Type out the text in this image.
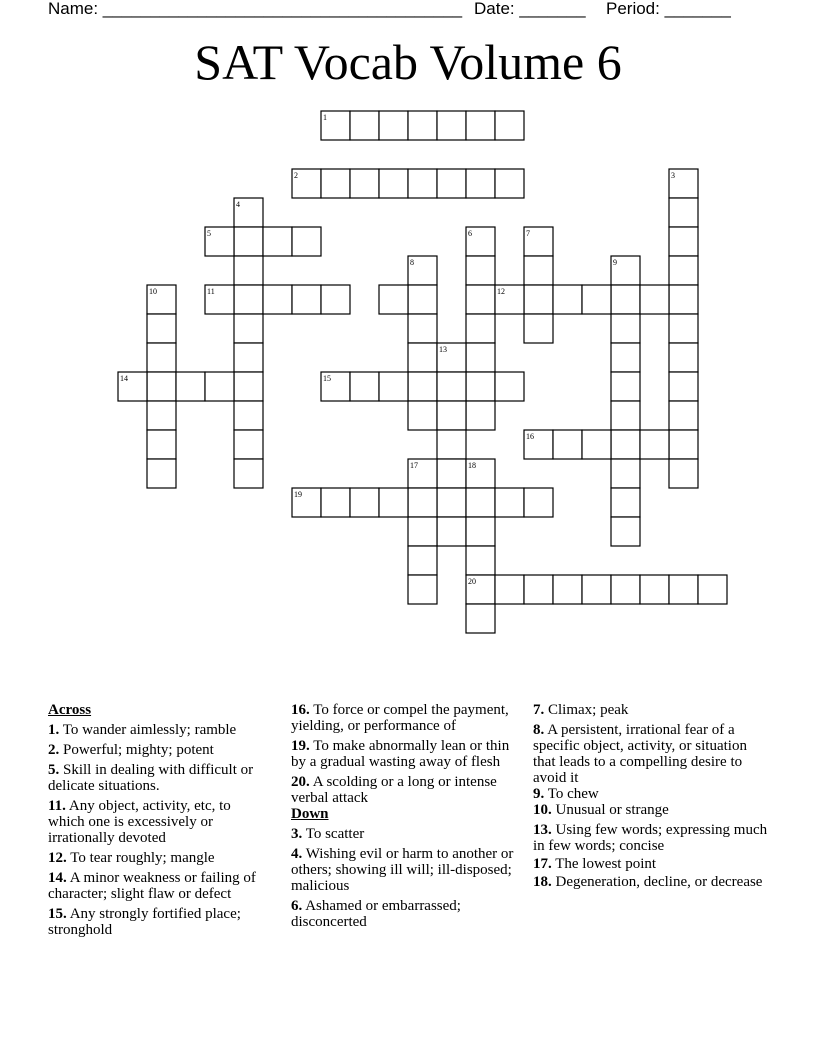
Name: ______________________________________

Date: _______

Period: _______

SAT Vocab Volume 6
1
2	3
4
5	6	7
8	9
10	11	12
13
14	15
16
17	18
19
20
Across
1. To wander aimlessly; ramble
2. Powerful; mighty; potent
5. Skill in dealing with difficult or delicate situations.
11. Any object, activity, etc, to which one is excessively or irrationally devoted
12. To tear roughly; mangle
14. A minor weakness or failing of character; slight flaw or defect
15. Any strongly fortified place; stronghold
16. To force or compel the payment, yielding, or performance of
19. To make abnormally lean or thin by a gradual wasting away of flesh
20. A scolding or a long or intense verbal attack
Down
3. To scatter
4. Wishing evil or harm to another or others; showing ill will; ill-disposed; malicious
6. Ashamed or embarrassed; disconcerted
7. Climax; peak
8. A persistent, irrational fear of a specific object, activity, or situation that leads to a compelling desire to avoid it
9. To chew
10. Unusual or strange
13. Using few words; expressing much in few words; concise
17. The lowest point
18. Degeneration, decline, or decrease
